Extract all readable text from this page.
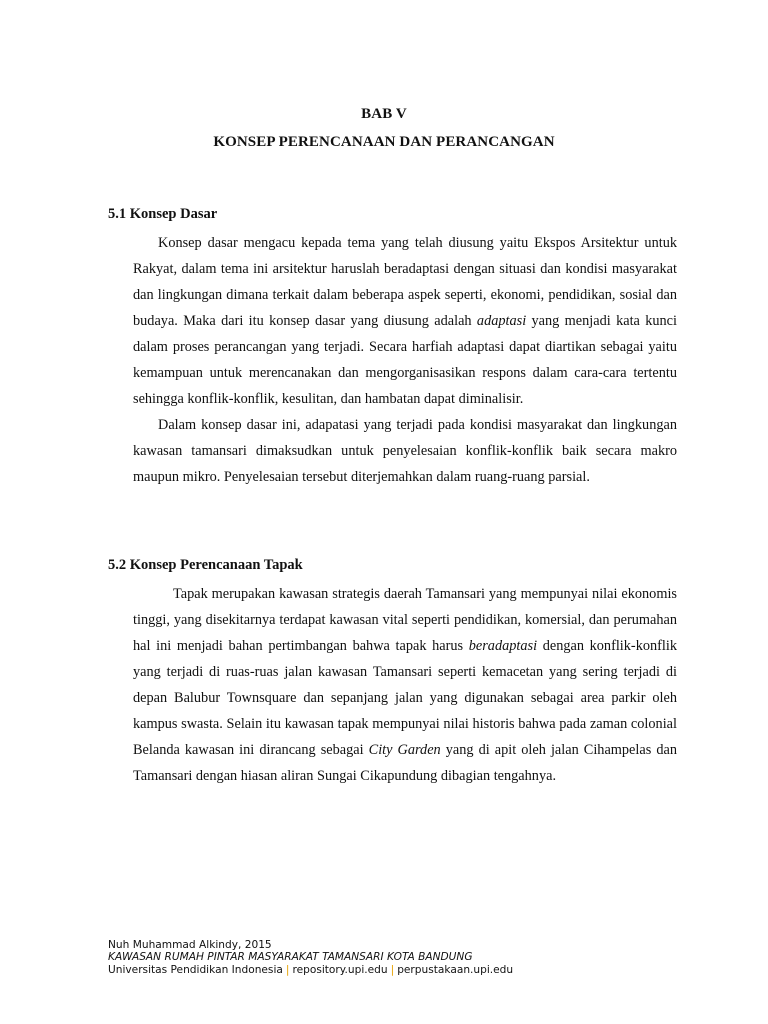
BAB V
KONSEP PERENCANAAN DAN PERANCANGAN
5.1 Konsep Dasar

Konsep dasar mengacu kepada tema yang telah diusung yaitu Ekspos Arsitektur untuk Rakyat, dalam tema ini arsitektur haruslah beradaptasi dengan situasi dan kondisi masyarakat dan lingkungan dimana terkait dalam beberapa aspek seperti, ekonomi, pendidikan, sosial dan budaya. Maka dari itu konsep dasar yang diusung adalah adaptasi yang menjadi kata kunci dalam proses perancangan yang terjadi. Secara harfiah adaptasi dapat diartikan sebagai yaitu kemampuan untuk merencanakan dan mengorganisasikan respons dalam cara-cara tertentu sehingga konflik-konflik, kesulitan, dan hambatan dapat diminalisir.

Dalam konsep dasar ini, adapatasi yang terjadi pada kondisi masyarakat dan lingkungan kawasan tamansari dimaksudkan untuk penyelesaian konflik-konflik baik secara makro maupun mikro. Penyelesaian tersebut diterjemahkan dalam ruang-ruang parsial.

5.2 Konsep Perencanaan Tapak

Tapak merupakan kawasan strategis daerah Tamansari yang mempunyai nilai ekonomis tinggi, yang disekitarnya terdapat kawasan vital seperti pendidikan, komersial, dan perumahan hal ini menjadi bahan pertimbangan bahwa tapak harus beradaptasi dengan konflik-konflik yang terjadi di ruas-ruas jalan kawasan Tamansari seperti kemacetan yang sering terjadi di depan Balubur Townsquare dan sepanjang jalan yang digunakan sebagai area parkir oleh kampus swasta. Selain itu kawasan tapak mempunyai nilai historis bahwa pada zaman colonial Belanda kawasan ini dirancang sebagai City Garden yang di apit oleh jalan Cihampelas dan Tamansari dengan hiasan aliran Sungai Cikapundung dibagian tengahnya.

Nuh Muhammad Alkindy, 2015
KAWASAN RUMAH PINTAR MASYARAKAT TAMANSARI KOTA BANDUNG
Universitas Pendidikan Indonesia | repository.upi.edu | perpustakaan.upi.edu
